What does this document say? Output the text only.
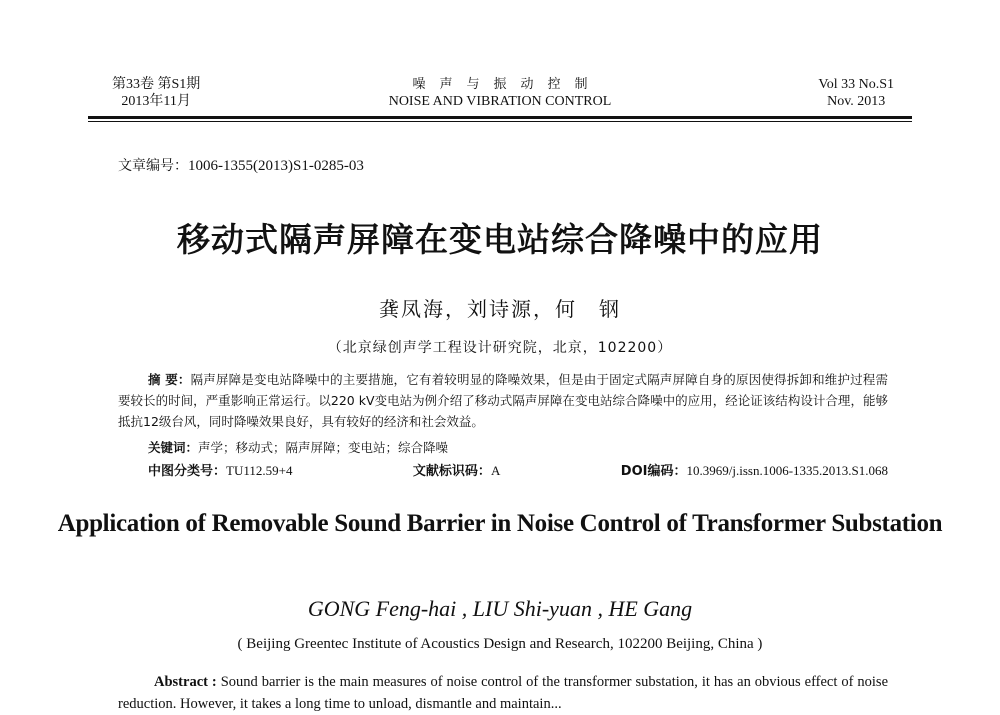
第33卷 第S1期
2013年11月
噪声与振动控制
NOISE AND VIBRATION CONTROL
Vol 33 No.S1
Nov. 2013
文章编号：1006-1355(2013)S1-0285-03
移动式隔声屏障在变电站综合降噪中的应用
龚凤海，刘诗源，何　钢
（北京绿创声学工程设计研究院，北京，102200）
摘 要：隔声屏障是变电站降噪中的主要措施，它有着较明显的降噪效果，但是由于固定式隔声屏障自身的原因使得拆卸和维护过程需要较长的时间，严重影响正常运行。以220 kV变电站为例介绍了移动式隔声屏障在变电站综合降噪中的应用，经论证该结构设计合理，能够抵抗12级台风，同时降噪效果良好，具有较好的经济和社会效益。
关键词：声学；移动式；隔声屏障；变电站；综合降噪
中图分类号：TU112.59+4	文献标识码：A	DOI编码：10.3969/j.issn.1006-1335.2013.S1.068
Application of Removable Sound Barrier in Noise Control of Transformer Substation
GONG Feng-hai , LIU Shi-yuan , HE Gang
( Beijing Greentec Institute of Acoustics Design and Research, 102200 Beijing, China )
Abstract : Sound barrier is the main measures of noise control of the transformer substation, it has an obvious effect of noise reduction. However, it takes a long time to unload, dismantle and maintain...
